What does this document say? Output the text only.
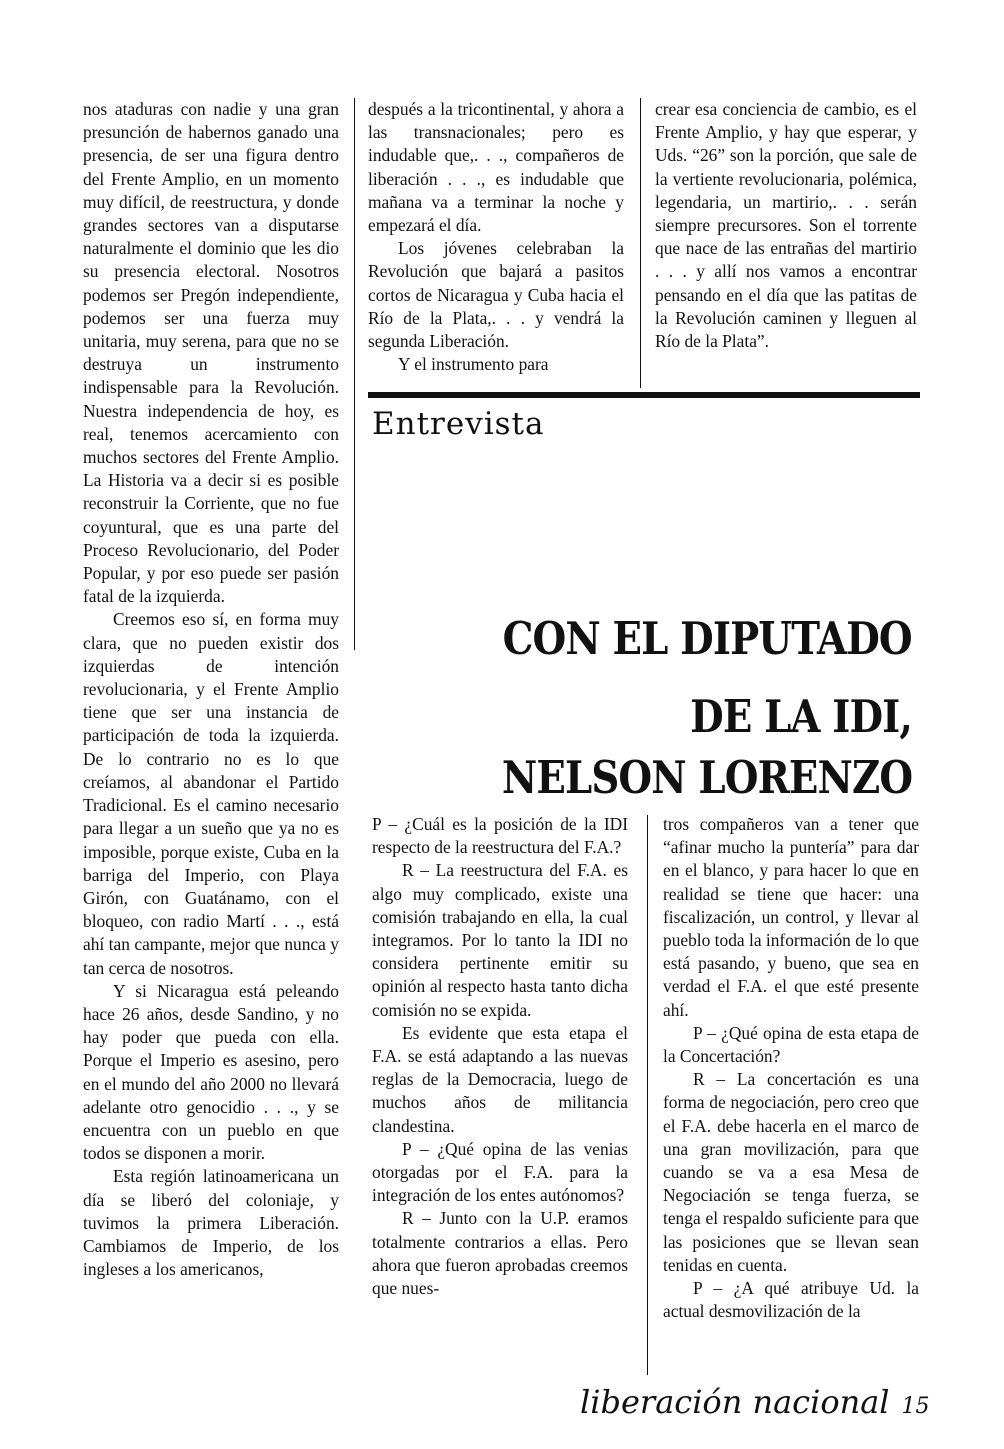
nos ataduras con nadie y una gran presunción de habernos ganado una presencia, de ser una figura dentro del Frente Amplio, en un momento muy difícil, de reestructura, y donde grandes sectores van a disputarse naturalmente el dominio que les dio su presencia electoral. Nosotros podemos ser Pregón independiente, podemos ser una fuerza muy unitaria, muy serena, para que no se destruya un instrumento indispensable para la Revolución. Nuestra independencia de hoy, es real, tenemos acercamiento con muchos sectores del Frente Amplio. La Historia va a decir si es posible reconstruir la Corriente, que no fue coyuntural, que es una parte del Proceso Revolucionario, del Poder Popular, y por eso puede ser pasión fatal de la izquierda.

Creemos eso sí, en forma muy clara, que no pueden existir dos izquierdas de intención revolucionaria, y el Frente Amplio tiene que ser una instancia de participación de toda la izquierda. De lo contrario no es lo que creíamos, al abandonar el Partido Tradicional. Es el camino necesario para llegar a un sueño que ya no es imposible, porque existe, Cuba en la barriga del Imperio, con Playa Girón, con Guatánamo, con el bloqueo, con radio Martí . . ., está ahí tan campante, mejor que nunca y tan cerca de nosotros.

Y si Nicaragua está peleando hace 26 años, desde Sandino, y no hay poder que pueda con ella. Porque el Imperio es asesino, pero en el mundo del año 2000 no llevará adelante otro genocidio . . ., y se encuentra con un pueblo en que todos se disponen a morir.

Esta región latinoamericana un día se liberó del coloniaje, y tuvimos la primera Liberación. Cambiamos de Imperio, de los ingleses a los americanos,

después a la tricontinental, y ahora a las transnacionales; pero es indudable que,. . ., compañeros de liberación . . ., es indudable que mañana va a terminar la noche y empezará el día.

Los jóvenes celebraban la Revolución que bajará a pasitos cortos de Nicaragua y Cuba hacia el Río de la Plata,. . . y vendrá la segunda Liberación.

Y el instrumento para

crear esa conciencia de cambio, es el Frente Amplio, y hay que esperar, y Uds. “26” son la porción, que sale de la vertiente revolucionaria, polémica, legendaria, un martirio,. . . serán siempre precursores. Son el torrente que nace de las entrañas del martirio . . . y allí nos vamos a encontrar pensando en el día que las patitas de la Revolución caminen y lleguen al Río de la Plata”.

Entrevista
CON EL DIPUTADO
DE LA IDI,
NELSON LORENZO

P – ¿Cuál es la posición de la IDI respecto de la reestructura del F.A.?

R – La reestructura del F.A. es algo muy complicado, existe una comisión trabajando en ella, la cual integramos. Por lo tanto la IDI no considera pertinente emitir su opinión al respecto hasta tanto dicha comisión no se expida.

Es evidente que esta etapa el F.A. se está adaptando a las nuevas reglas de la Democracia, luego de muchos años de militancia clandestina.

P – ¿Qué opina de las venias otorgadas por el F.A. para la integración de los entes autónomos?

R – Junto con la U.P. eramos totalmente contrarios a ellas. Pero ahora que fueron aprobadas creemos que nues-

tros compañeros van a tener que “afinar mucho la puntería” para dar en el blanco, y para hacer lo que en realidad se tiene que hacer: una fiscalización, un control, y llevar al pueblo toda la información de lo que está pasando, y bueno, que sea en verdad el F.A. el que esté presente ahí.

P – ¿Qué opina de esta etapa de la Concertación?

R – La concertación es una forma de negociación, pero creo que el F.A. debe hacerla en el marco de una gran movilización, para que cuando se va a esa Mesa de Negociación se tenga fuerza, se tenga el respaldo suficiente para que las posiciones que se llevan sean tenidas en cuenta.

P – ¿A qué atribuye Ud. la actual desmovilización de la

liberación nacional 15
